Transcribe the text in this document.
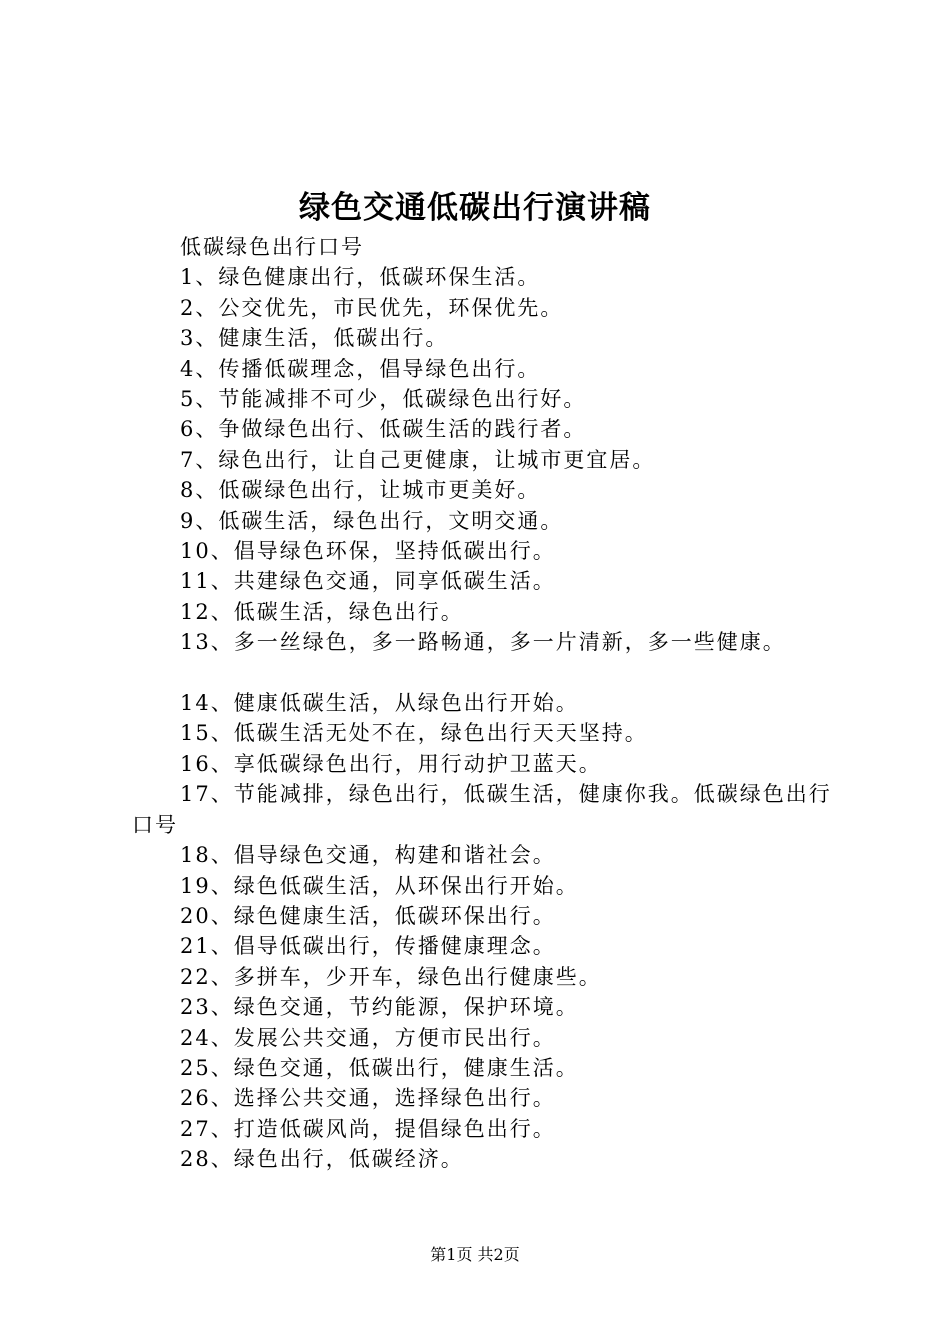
绿色交通低碳出行演讲稿
低碳绿色出行口号
1、绿色健康出行，低碳环保生活。
2、公交优先，市民优先，环保优先。
3、健康生活，低碳出行。
4、传播低碳理念，倡导绿色出行。
5、节能减排不可少，低碳绿色出行好。
6、争做绿色出行、低碳生活的践行者。
7、绿色出行，让自己更健康，让城市更宜居。
8、低碳绿色出行，让城市更美好。
9、低碳生活，绿色出行，文明交通。
10、倡导绿色环保，坚持低碳出行。
11、共建绿色交通，同享低碳生活。
12、低碳生活，绿色出行。
13、多一丝绿色，多一路畅通，多一片清新，多一些健康。
14、健康低碳生活，从绿色出行开始。
15、低碳生活无处不在，绿色出行天天坚持。
16、享低碳绿色出行，用行动护卫蓝天。
17、节能减排，绿色出行，低碳生活，健康你我。低碳绿色出行口号
18、倡导绿色交通，构建和谐社会。
19、绿色低碳生活，从环保出行开始。
20、绿色健康生活，低碳环保出行。
21、倡导低碳出行，传播健康理念。
22、多拼车，少开车，绿色出行健康些。
23、绿色交通，节约能源，保护环境。
24、发展公共交通，方便市民出行。
25、绿色交通，低碳出行，健康生活。
26、选择公共交通，选择绿色出行。
27、打造低碳风尚，提倡绿色出行。
28、绿色出行，低碳经济。
第1页 共2页
